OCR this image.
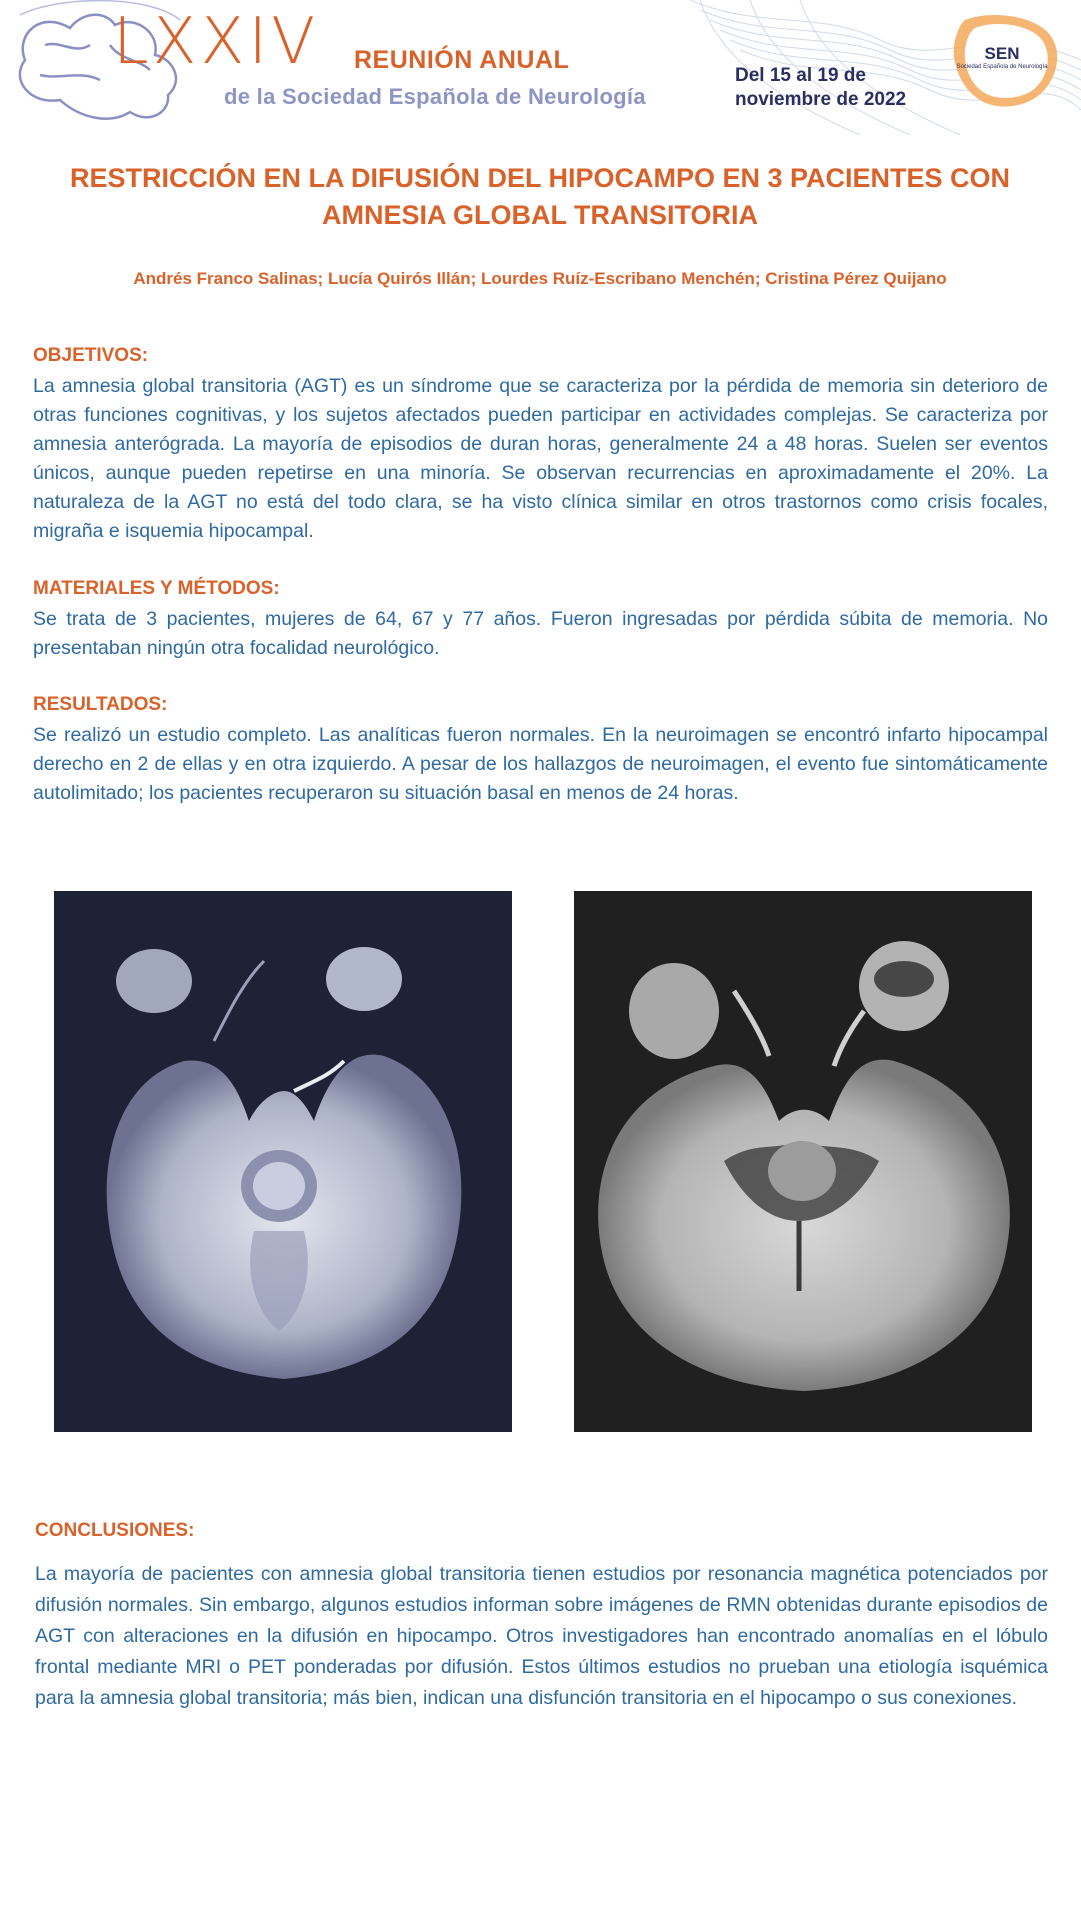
LXXIV REUNIÓN ANUAL
de la Sociedad Española de Neurología
Del 15 al 19 de
noviembre de 2022
SEN
Sociedad Española de Neurología
RESTRICCIÓN EN LA DIFUSIÓN DEL HIPOCAMPO EN 3 PACIENTES CON
AMNESIA GLOBAL TRANSITORIA
Andrés Franco Salinas; Lucía Quirós Illán; Lourdes Ruíz-Escribano Menchén; Cristina Pérez Quijano
OBJETIVOS:

La amnesia global transitoria (AGT) es un síndrome que se caracteriza por la pérdida de memoria sin deterioro de otras funciones cognitivas, y los sujetos afectados pueden participar en actividades complejas. Se caracteriza por amnesia anterógrada. La mayoría de episodios de duran horas, generalmente 24 a 48 horas. Suelen ser eventos únicos, aunque pueden repetirse en una minoría. Se observan recurrencias en aproximadamente el 20%. La naturaleza de la AGT no está del todo clara, se ha visto clínica similar en otros trastornos como crisis focales, migraña e isquemia hipocampal.

MATERIALES Y MÉTODOS:

Se trata de 3 pacientes, mujeres de 64, 67 y 77 años. Fueron ingresadas por pérdida súbita de memoria. No presentaban ningún otra focalidad neurológico.

RESULTADOS:

Se realizó un estudio completo. Las analíticas fueron normales. En la neuroimagen se encontró infarto hipocampal derecho en 2 de ellas y en otra izquierdo. A pesar de los hallazgos de neuroimagen, el evento fue sintomáticamente autolimitado; los pacientes recuperaron su situación basal en menos de 24 horas.

CONCLUSIONES:

La mayoría de pacientes con amnesia global transitoria tienen estudios por resonancia magnética potenciados por difusión normales. Sin embargo, algunos estudios informan sobre imágenes de RMN obtenidas durante episodios de AGT con alteraciones en la difusión en hipocampo. Otros investigadores han encontrado anomalías en el lóbulo frontal mediante MRI o PET ponderadas por difusión. Estos últimos estudios no prueban una etiología isquémica para la amnesia global transitoria; más bien, indican una disfunción transitoria en el hipocampo o sus conexiones.
